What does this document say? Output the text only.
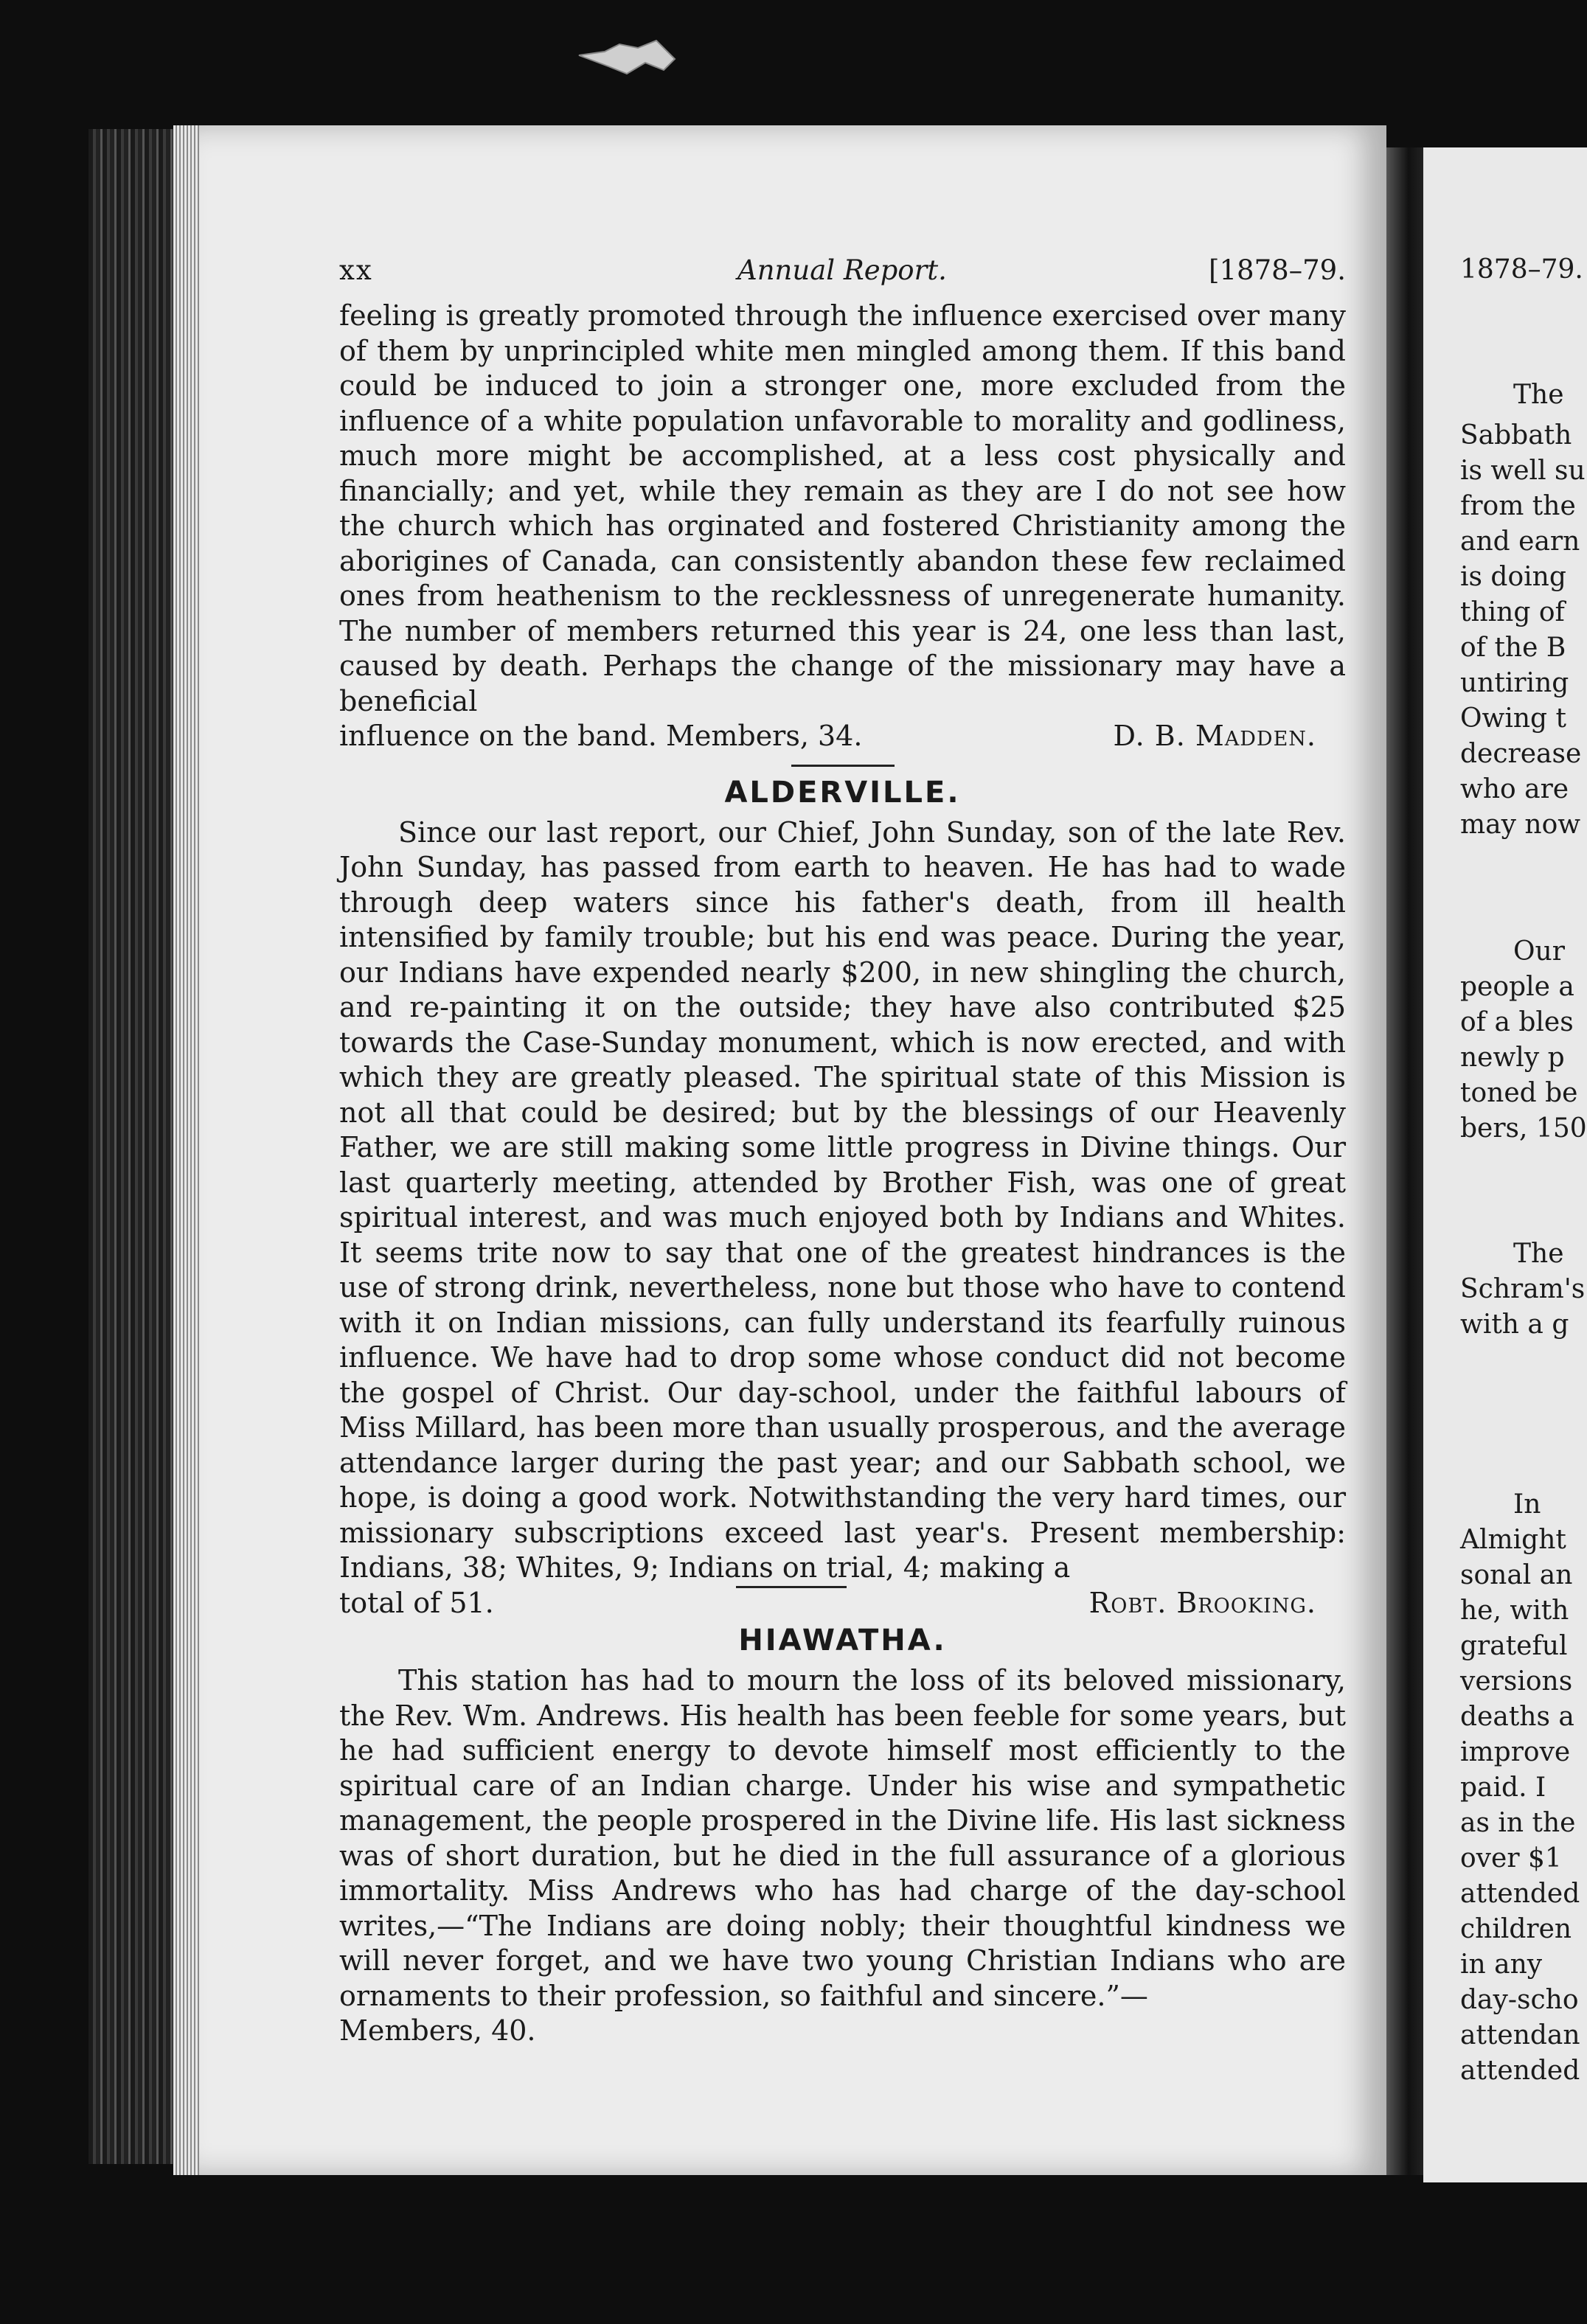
xx	Annual Report.	[1878–79.

feeling is greatly promoted through the influence exercised over many of them by unprincipled white men mingled among them. If this band could be induced to join a stronger one, more excluded from the influence of a white population unfavorable to morality and godliness, much more might be accomplished, at a less cost physically and financially; and yet, while they remain as they are I do not see how the church which has orginated and fostered Christianity among the aborigines of Canada, can consistently abandon these few reclaimed ones from heathenism to the recklessness of unregenerate humanity. The number of members returned this year is 24, one less than last, caused by death. Perhaps the change of the missionary may have a beneficial

influence on the band. Members, 34.	D. B. Madden.
ALDERVILLE.

Since our last report, our Chief, John Sunday, son of the late Rev. John Sunday, has passed from earth to heaven. He has had to wade through deep waters since his father's death, from ill health intensified by family trouble; but his end was peace. During the year, our Indians have expended nearly $200, in new shingling the church, and re-painting it on the outside; they have also contributed $25 towards the Case-Sunday monument, which is now erected, and with which they are greatly pleased. The spiritual state of this Mission is not all that could be desired; but by the blessings of our Heavenly Father, we are still making some little progress in Divine things. Our last quarterly meeting, attended by Brother Fish, was one of great spiritual interest, and was much enjoyed both by Indians and Whites. It seems trite now to say that one of the greatest hindrances is the use of strong drink, nevertheless, none but those who have to contend with it on Indian missions, can fully understand its fearfully ruinous influence. We have had to drop some whose conduct did not become the gospel of Christ. Our day-school, under the faithful labours of Miss Millard, has been more than usually prosperous, and the average attendance larger during the past year; and our Sabbath school, we hope, is doing a good work. Notwithstanding the very hard times, our missionary subscriptions exceed last year's. Present membership: Indians, 38; Whites, 9; Indians on trial, 4; making a

total of 51.	Robt. Brooking.
HIAWATHA.

This station has had to mourn the loss of its beloved missionary, the Rev. Wm. Andrews. His health has been feeble for some years, but he had sufficient energy to devote himself most efficiently to the spiritual care of an Indian charge. Under his wise and sympathetic management, the people prospered in the Divine life. His last sickness was of short duration, but he died in the full assurance of a glorious immortality. Miss Andrews who has had charge of the day-school writes,—“The Indians are doing nobly; their thoughtful kindness we will never forget, and we have two young Christian Indians who are ornaments to their profession, so faithful and sincere.”—

Members, 40.
1878–79.
The
Sabbath
is well su
from the
and earn
is doing
thing of
of the B
untiring
Owing t
decrease
who are
may now
Our
people a
of a bles
newly p
toned be
bers, 150
The
Schram's
with a g
In
Almight
sonal an
he, with
grateful
versions
deaths a
improve
paid. I
as in the
over $1
attended
children
in any
day-scho
attendan
attended
